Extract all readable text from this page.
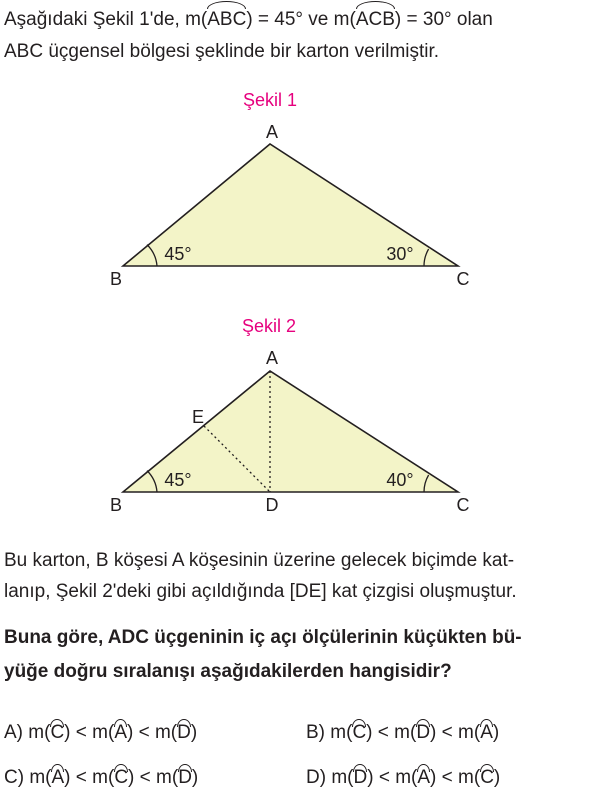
Aşağıdaki Şekil 1'de, m(ABC) = 45° ve m(ACB) = 30° olan
ABC üçgensel bölgesi şeklinde bir karton verilmiştir.
Şekil 1
A
B	C
45°	30°
Şekil 2
A
B	C
D
E
45°	40°
Bu karton, B köşesi A köşesinin üzerine gelecek biçimde kat-
lanıp, Şekil 2'deki gibi açıldığında [DE] kat çizgisi oluşmuştur.
Buna göre, ADC üçgeninin iç açı ölçülerinin küçükten bü-
yüğe doğru sıralanışı aşağıdakilerden hangisidir?
A) m(C) < m(A) < m(D)	B) m(C) < m(D) < m(A)
C) m(A) < m(C) < m(D)	D) m(D) < m(A) < m(C)
